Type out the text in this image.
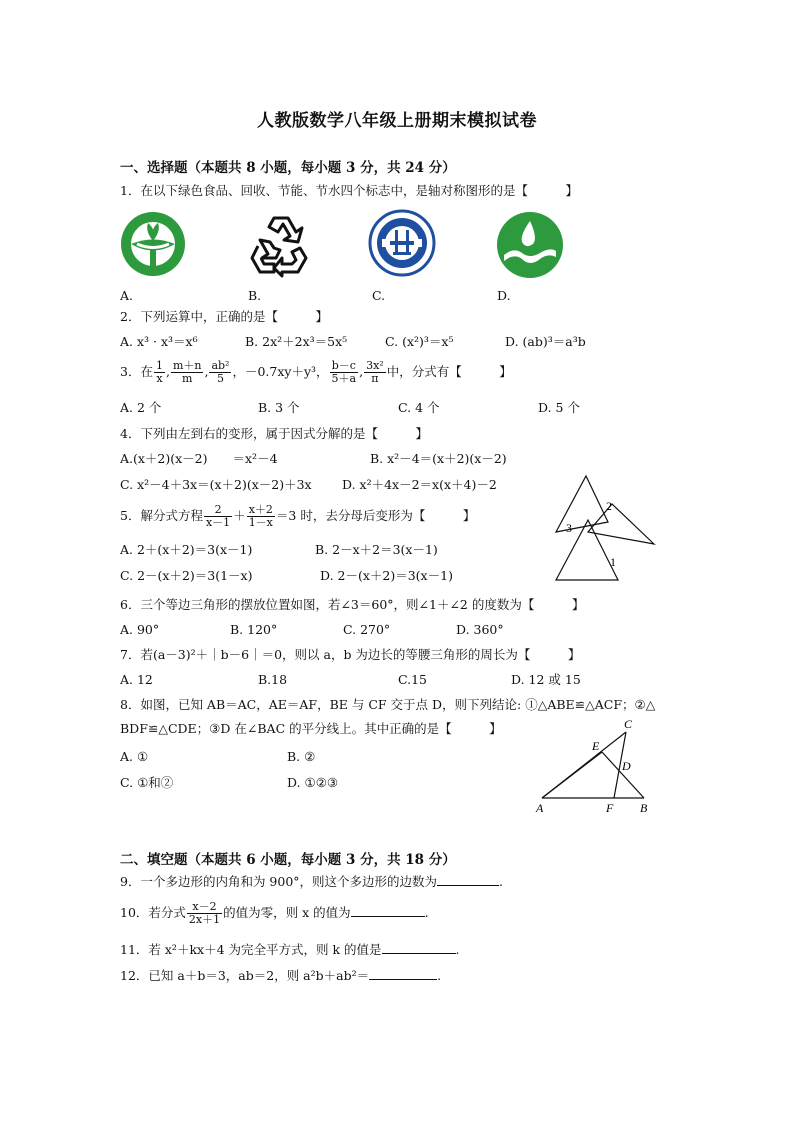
人教版数学八年级上册期末模拟试卷
一、选择题（本题共 8 小题，每小题 3 分，共 24 分）
1．在以下绿色食品、回收、节能、节水四个标志中，是轴对称图形的是【　　　】
A.	B.	C.	D.
2．下列运算中，正确的是【　　　】
A. x³ · x³＝x⁶	B. 2x²＋2x³＝5x⁵	C. (x²)³＝x⁵	D. (ab)³＝a³b
3．在 $\frac{1}{x}$ , $\frac{m+n}{m}$ , $\frac{\text{ab²}}{5}$ ，－0.7xy＋y³， $\frac{b-c}{5+a}$ , $\frac{\text{3x²}}{\pi}$ 中，分式有【　　　】
A. 2 个	B. 3 个	C. 4 个	D. 5 个
4．下列由左到右的变形，属于因式分解的是【　　　】
A.(x＋2)(x－2)　　＝x²－4	B. x²－4＝(x＋2)(x－2)
C. x²－4＋3x＝(x＋2)(x－2)＋3x D. x²＋4x－2＝x(x＋4)－2
5．解分式方程 $\frac{2}{x-1} + \frac{x+2}{1-x} =3$ 时，去分母后变形为【　　　】
A. 2＋(x＋2)＝3(x－1)	B. 2－x＋2＝3(x－1)
C. 2－(x＋2)＝3(1－x)	D. 2－(x＋2)＝3(x－1)
2
3
1
6．三个等边三角形的摆放位置如图，若∠3＝60°，则∠1＋∠2 的度数为【　　　】
A. 90°	B. 120°	C. 270°	D. 360°
7．若(a－3)²＋｜b－6｜＝0，则以 a，b 为边长的等腰三角形的周长为【　　　】
A. 12	B.18	C.15	D. 12 或 15
8．如图，已知 AB＝AC，AE＝AF，BE 与 CF 交于点 D，则下列结论: ①△ABE≌△ACF；②△
BDF≌△CDE；③D 在∠BAC 的平分线上。其中正确的是【　　　】
A. ①	B. ②
C. ①和②	D. ①②③
C
E
D
A	F B
二、填空题（本题共 6 小题，每小题 3 分，共 18 分）
9．一个多边形的内角和为 900°，则这个多边形的边数为	.
10．若分式 $\frac{x-2}{2x+1}$ 的值为零，则 x 的值为	.
11．若 x²＋kx＋4 为完全平方式，则 k 的值是	.
12．已知 a＋b＝3，ab＝2，则 a²b＋ab²＝	.
